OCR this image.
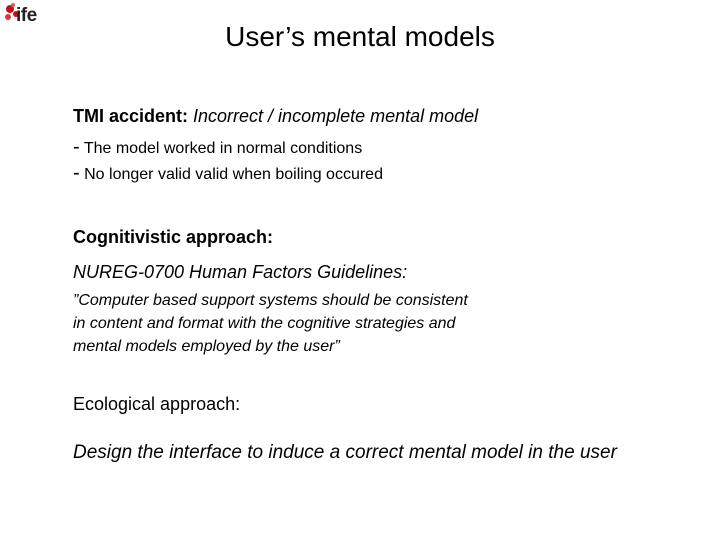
ife
User’s mental models
TMI accident: Incorrect / incomplete mental model
- The model worked in normal conditions
- No longer valid valid when boiling occured
Cognitivistic approach:
NUREG-0700 Human Factors Guidelines:
”Computer based support systems should be consistent
in content and format with the cognitive strategies and
mental models employed by the user”
Ecological approach:
Design the interface to induce a correct mental model in the user
